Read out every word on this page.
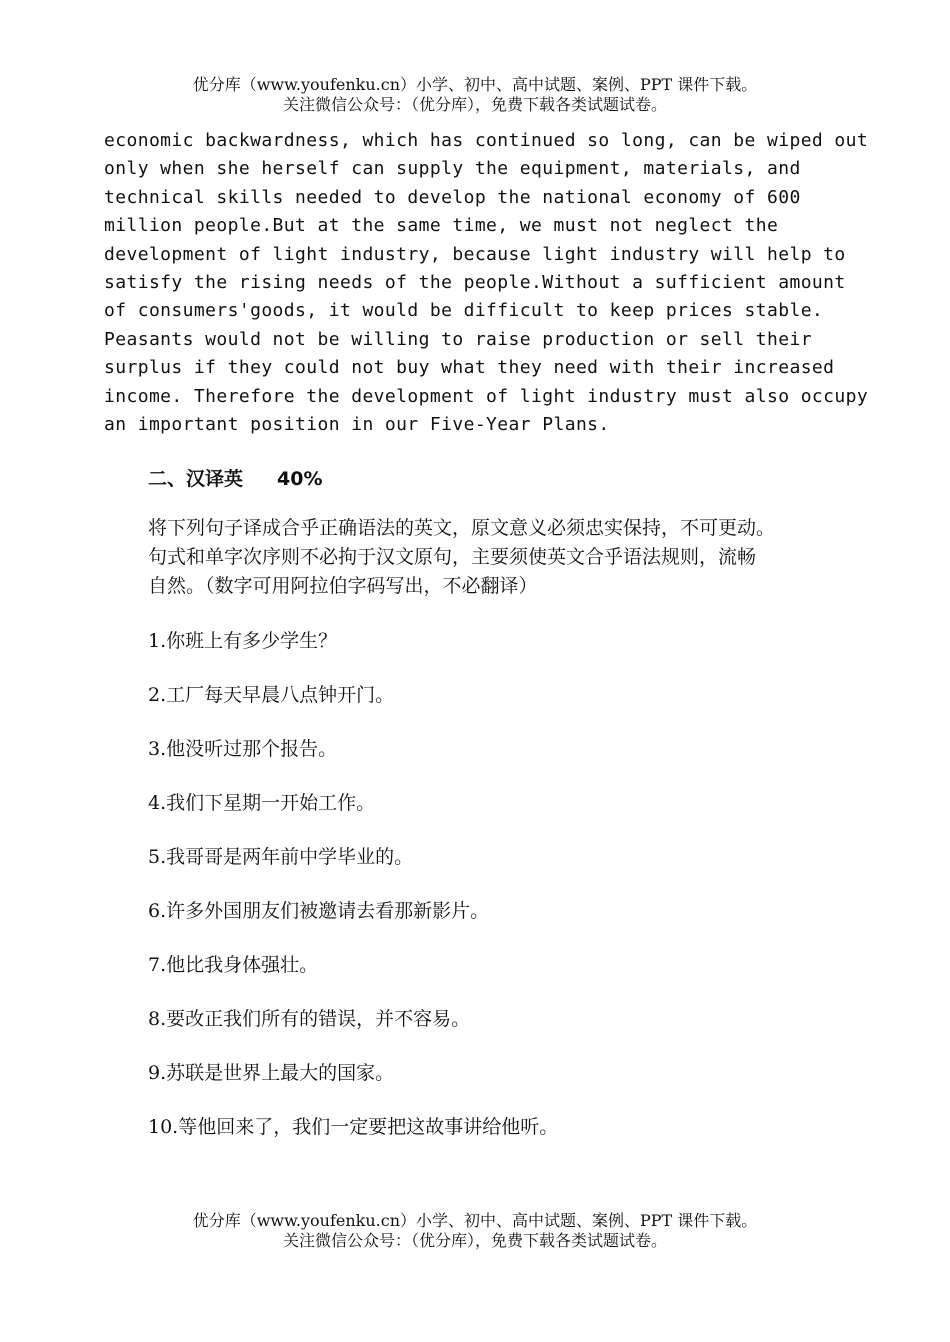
优分库（www.youfenku.cn）小学、初中、高中试题、案例、PPT 课件下载。
关注微信公众号：（优分库），免费下载各类试题试卷。
economic backwardness, which has continued so long, can be wiped out
only when she herself can supply the equipment, materials, and
technical skills needed to develop the national economy of 600
million people.But at the same time, we must not neglect the
development of light industry, because light industry will help to
satisfy the rising needs of the people.Without a sufficient amount
of consumers'goods, it would be difficult to keep prices stable.
Peasants would not be willing to raise production or sell their
surplus if they could not buy what they need with their increased
income. Therefore the development of light industry must also occupy
an important position in our Five-Year Plans.
二、汉译英 40%
将下列句子译成合乎正确语法的英文，原文意义必须忠实保持，不可更动。
句式和单字次序则不必拘于汉文原句，主要须使英文合乎语法规则，流畅
自然。（数字可用阿拉伯字码写出，不必翻译）
1.你班上有多少学生？
2.工厂每天早晨八点钟开门。
3.他没听过那个报告。
4.我们下星期一开始工作。
5.我哥哥是两年前中学毕业的。
6.许多外国朋友们被邀请去看那新影片。
7.他比我身体强壮。
8.要改正我们所有的错误，并不容易。
9.苏联是世界上最大的国家。
10.等他回来了，我们一定要把这故事讲给他听。
优分库（www.youfenku.cn）小学、初中、高中试题、案例、PPT 课件下载。
关注微信公众号：（优分库），免费下载各类试题试卷。
